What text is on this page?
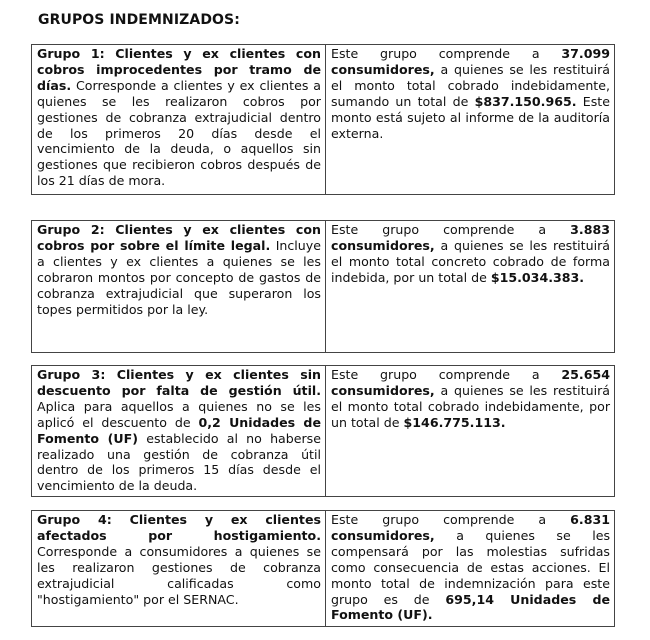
GRUPOS INDEMNIZADOS:
Grupo 1: Clientes y ex clientes con cobros improcedentes por tramo de días. Corresponde a clientes y ex clientes a quienes se les realizaron cobros por gestiones de cobranza extrajudicial dentro de los primeros 20 días desde el vencimiento de la deuda, o aquellos sin gestiones que recibieron cobros después de los 21 días de mora.	Este grupo comprende a 37.099 consumidores, a quienes se les restituirá el monto total cobrado indebidamente, sumando un total de $837.150.965. Este monto está sujeto al informe de la auditoría externa.
Grupo 2: Clientes y ex clientes con cobros por sobre el límite legal. Incluye a clientes y ex clientes a quienes se les cobraron montos por concepto de gastos de cobranza extrajudicial que superaron los topes permitidos por la ley.	Este grupo comprende a 3.883 consumidores, a quienes se les restituirá el monto total concreto cobrado de forma indebida, por un total de $15.034.383.
Grupo 3: Clientes y ex clientes sin descuento por falta de gestión útil. Aplica para aquellos a quienes no se les aplicó el descuento de 0,2 Unidades de Fomento (UF) establecido al no haberse realizado una gestión de cobranza útil dentro de los primeros 15 días desde el vencimiento de la deuda.	Este grupo comprende a 25.654 consumidores, a quienes se les restituirá el monto total cobrado indebidamente, por un total de $146.775.113.
Grupo 4: Clientes y ex clientes afectados por hostigamiento. Corresponde a consumidores a quienes se les realizaron gestiones de cobranza extrajudicial calificadas como "hostigamiento" por el SERNAC.	Este grupo comprende a 6.831 consumidores, a quienes se les compensará por las molestias sufridas como consecuencia de estas acciones. El monto total de indemnización para este grupo es de 695,14 Unidades de Fomento (UF).
